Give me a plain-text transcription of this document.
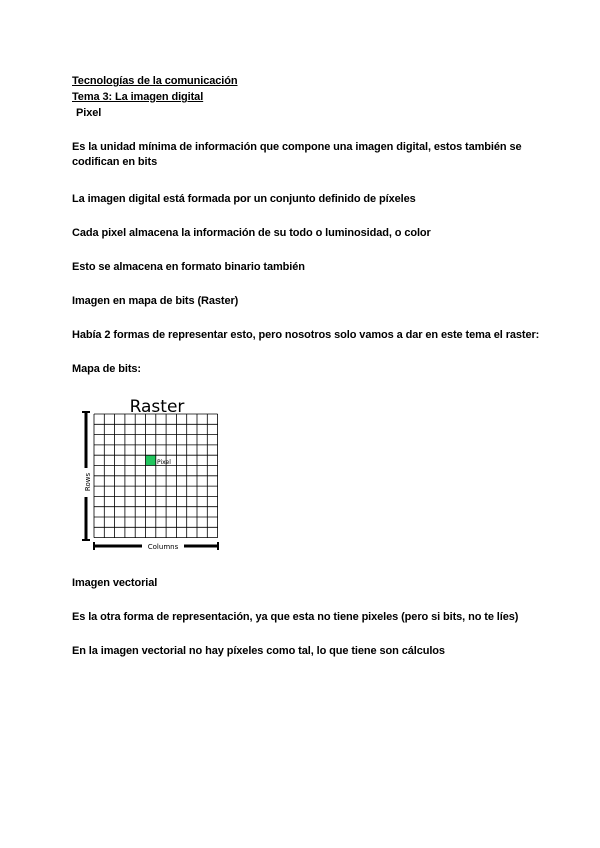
Tecnologías de la comunicación
Tema 3: La imagen digital
Pixel
Es la unidad mínima de información que compone una imagen digital, estos también se codifican en bits
La imagen digital está formada por un conjunto definido de píxeles
Cada pixel almacena la información de su todo o luminosidad, o color
Esto se almacena en formato binario también
Imagen en mapa de bits (Raster)
Había 2 formas de representar esto, pero nosotros solo vamos a dar en este tema el raster:
Mapa de bits:
Raster
Rows
Columns
Pixel
Imagen vectorial
Es la otra forma de representación, ya que esta no tiene pixeles (pero si bits, no te líes)
En la imagen vectorial no hay píxeles como tal, lo que tiene son cálculos
